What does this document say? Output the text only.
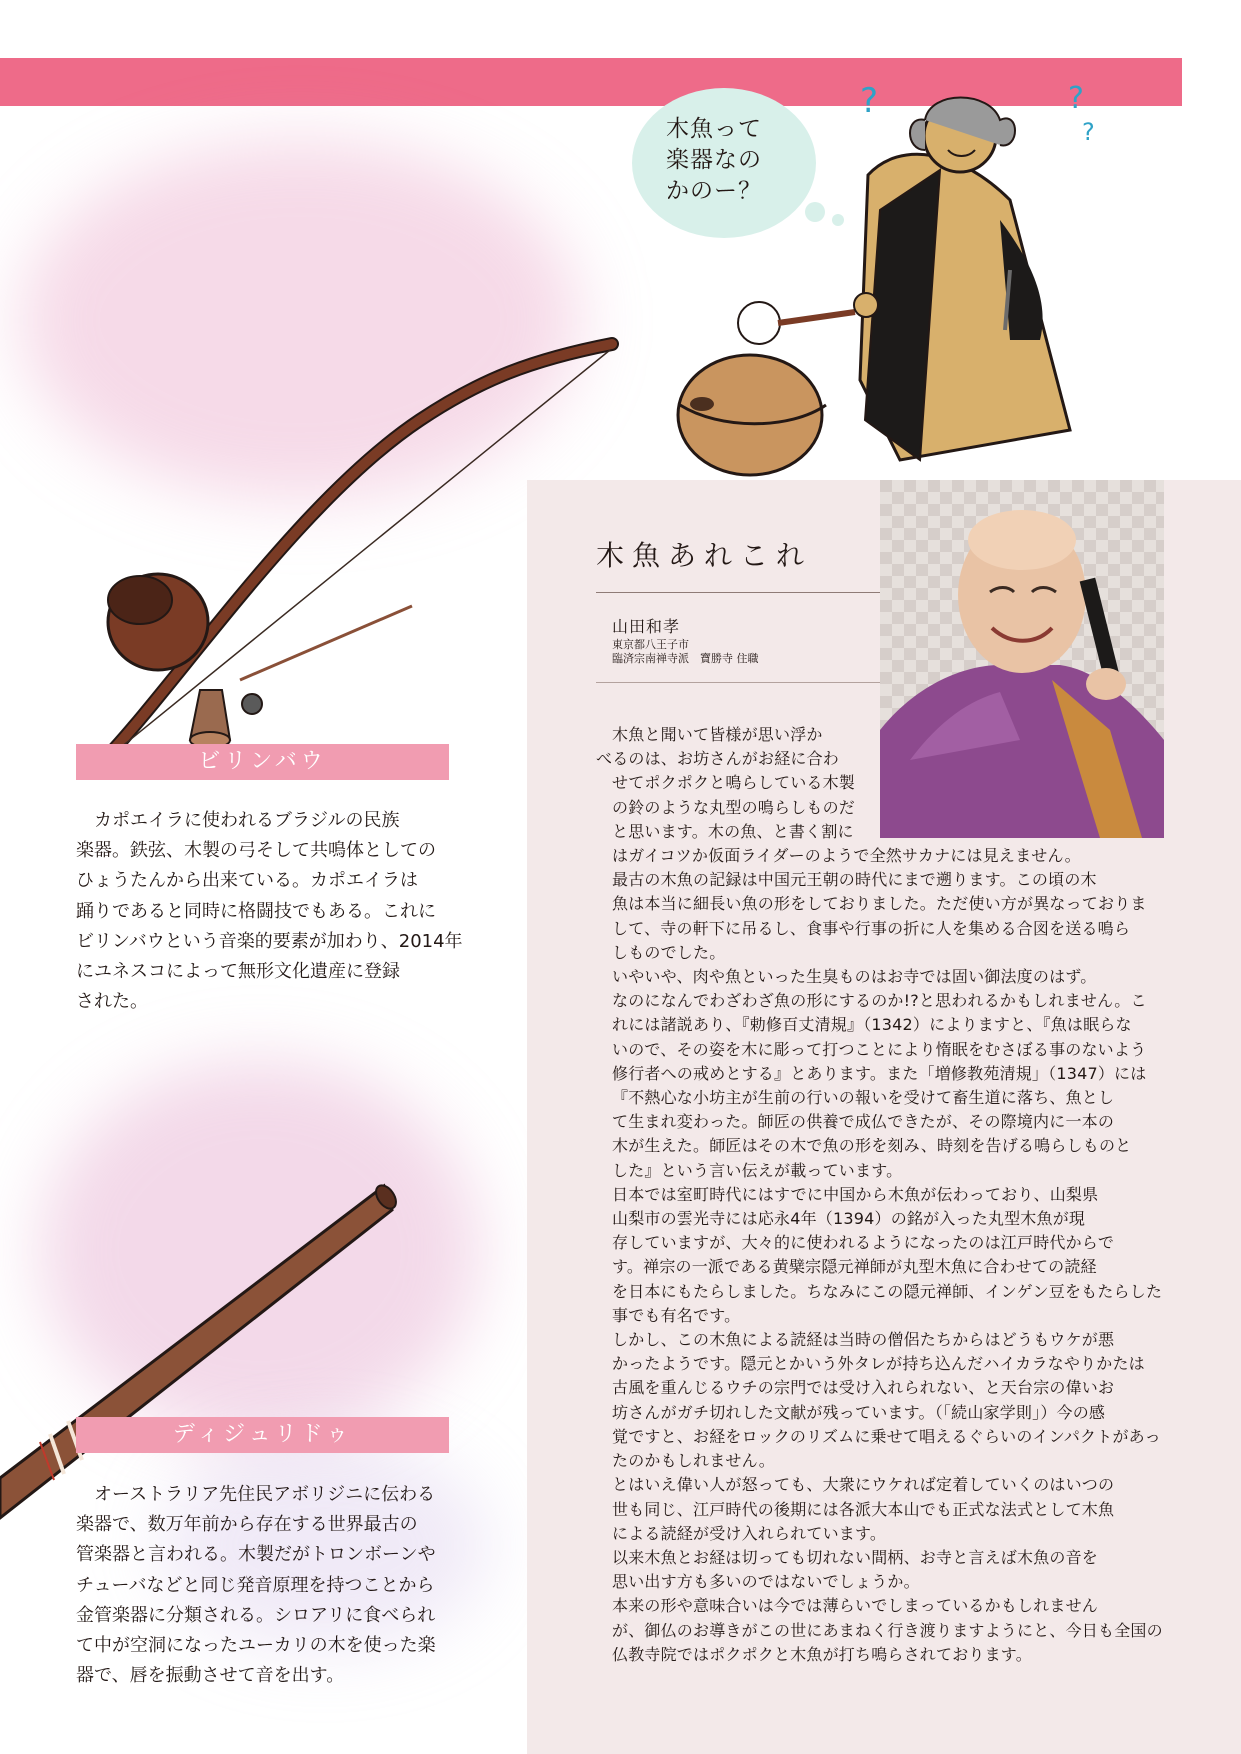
?	?
?
木魚って
楽器なの
かのー？
木魚あれこれ
山田和孝
東京都八王子市
臨済宗南禅寺派　寶勝寺 住職

木魚と聞いて皆様が思い浮か
べるのは、お坊さんがお経に合わ
せてポクポクと鳴らしている木製
の鈴のような丸型の鳴らしものだ
と思います。木の魚、と書く割に
はガイコツか仮面ライダーのようで全然サカナには見えません。

最古の木魚の記録は中国元王朝の時代にまで遡ります。この頃の木
魚は本当に細長い魚の形をしておりました。ただ使い方が異なっておりま
して、寺の軒下に吊るし、食事や行事の折に人を集める合図を送る鳴ら
しものでした。

いやいや、肉や魚といった生臭ものはお寺では固い御法度のはず。
なのになんでわざわざ魚の形にするのか!?と思われるかもしれません。こ
れには諸説あり、『勅修百丈清規』（1342）によりますと、『魚は眠らな
いので、その姿を木に彫って打つことにより惰眠をむさぼる事のないよう
修行者への戒めとする』とあります。また「増修教苑清規」（1347）には
『不熱心な小坊主が生前の行いの報いを受けて畜生道に落ち、魚とし
て生まれ変わった。師匠の供養で成仏できたが、その際境内に一本の
木が生えた。師匠はその木で魚の形を刻み、時刻を告げる鳴らしものと
した』という言い伝えが載っています。

日本では室町時代にはすでに中国から木魚が伝わっており、山梨県
山梨市の雲光寺には応永4年（1394）の銘が入った丸型木魚が現
存していますが、大々的に使われるようになったのは江戸時代からで
す。禅宗の一派である黄檗宗隠元禅師が丸型木魚に合わせての読経
を日本にもたらしました。ちなみにこの隠元禅師、インゲン豆をもたらした
事でも有名です。

しかし、この木魚による読経は当時の僧侶たちからはどうもウケが悪
かったようです。隠元とかいう外タレが持ち込んだハイカラなやりかたは
古風を重んじるウチの宗門では受け入れられない、と天台宗の偉いお
坊さんがガチ切れした文献が残っています。（「続山家学則」）今の感
覚ですと、お経をロックのリズムに乗せて唱えるぐらいのインパクトがあっ
たのかもしれません。

とはいえ偉い人が怒っても、大衆にウケれば定着していくのはいつの
世も同じ、江戸時代の後期には各派大本山でも正式な法式として木魚
による読経が受け入れられています。

以来木魚とお経は切っても切れない間柄、お寺と言えば木魚の音を
思い出す方も多いのではないでしょうか。

本来の形や意味合いは今では薄らいでしまっているかもしれません
が、御仏のお導きがこの世にあまねく行き渡りますようにと、今日も全国の
仏教寺院ではポクポクと木魚が打ち鳴らされております。

ビリンバウ
カポエイラに使われるブラジルの民族
楽器。鉄弦、木製の弓そして共鳴体としての
ひょうたんから出来ている。カポエイラは
踊りであると同時に格闘技でもある。これに
ビリンバウという音楽的要素が加わり、2014年
にユネスコによって無形文化遺産に登録
された。
ディジュリドゥ
オーストラリア先住民アボリジニに伝わる
楽器で、数万年前から存在する世界最古の
管楽器と言われる。木製だがトロンボーンや
チューバなどと同じ発音原理を持つことから
金管楽器に分類される。シロアリに食べられ
て中が空洞になったユーカリの木を使った楽
器で、唇を振動させて音を出す。
